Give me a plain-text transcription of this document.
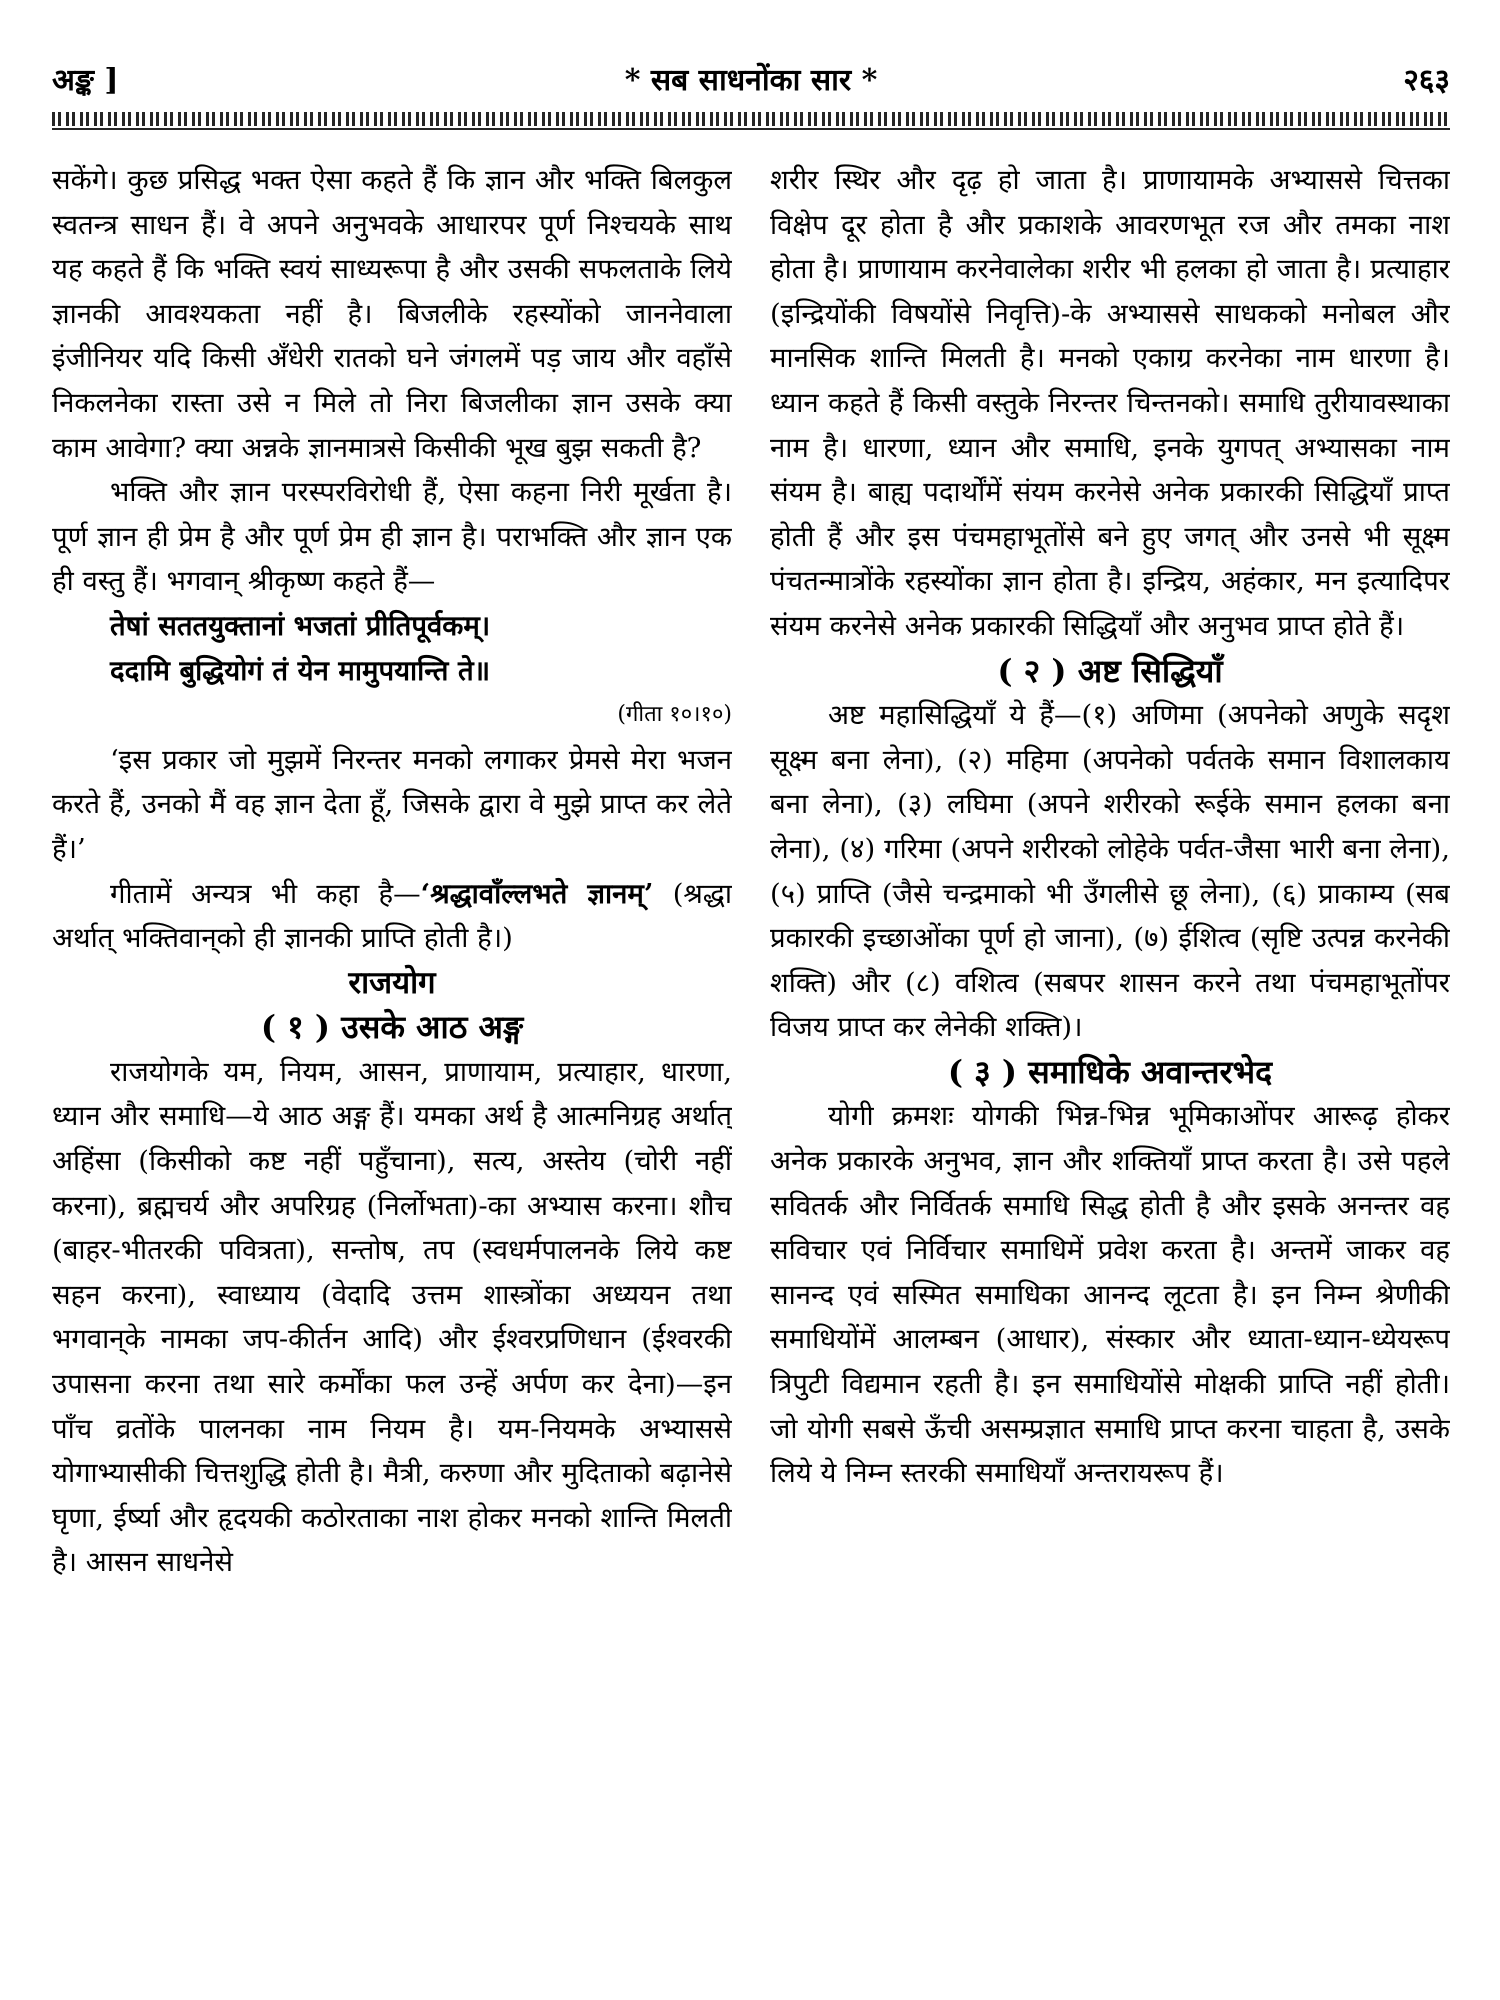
अङ्क ]	* सब साधनोंका सार *	२६३

सकेंगे। कुछ प्रसिद्ध भक्त ऐसा कहते हैं कि ज्ञान और भक्ति बिलकुल स्वतन्त्र साधन हैं। वे अपने अनुभवके आधारपर पूर्ण निश्चयके साथ यह कहते हैं कि भक्ति स्वयं साध्यरूपा है और उसकी सफलताके लिये ज्ञानकी आवश्यकता नहीं है। बिजलीके रहस्योंको जाननेवाला इंजीनियर यदि किसी अँधेरी रातको घने जंगलमें पड़ जाय और वहाँसे निकलनेका रास्ता उसे न मिले तो निरा बिजलीका ज्ञान उसके क्या काम आवेगा? क्या अन्नके ज्ञानमात्रसे किसीकी भूख बुझ सकती है?

भक्ति और ज्ञान परस्परविरोधी हैं, ऐसा कहना निरी मूर्खता है। पूर्ण ज्ञान ही प्रेम है और पूर्ण प्रेम ही ज्ञान है। पराभक्ति और ज्ञान एक ही वस्तु हैं। भगवान् श्रीकृष्ण कहते हैं—

तेषां सततयुक्तानां भजतां प्रीतिपूर्वकम्।

ददामि बुद्धियोगं तं येन मामुपयान्ति ते॥

(गीता १०।१०)

‘इस प्रकार जो मुझमें निरन्तर मनको लगाकर प्रेमसे मेरा भजन करते हैं, उनको मैं वह ज्ञान देता हूँ, जिसके द्वारा वे मुझे प्राप्त कर लेते हैं।’

गीतामें अन्यत्र भी कहा है—‘श्रद्धावाँल्लभते ज्ञानम्’ (श्रद्धा अर्थात् भक्तिवान्‌को ही ज्ञानकी प्राप्ति होती है।)

राजयोग

( १ ) उसके आठ अङ्ग

राजयोगके यम, नियम, आसन, प्राणायाम, प्रत्याहार, धारणा, ध्यान और समाधि—ये आठ अङ्ग हैं। यमका अर्थ है आत्मनिग्रह अर्थात् अहिंसा (किसीको कष्ट नहीं पहुँचाना), सत्य, अस्तेय (चोरी नहीं करना), ब्रह्मचर्य और अपरिग्रह (निर्लोभता)-का अभ्यास करना। शौच (बाहर-भीतरकी पवित्रता), सन्तोष, तप (स्वधर्मपालनके लिये कष्ट सहन करना), स्वाध्याय (वेदादि उत्तम शास्त्रोंका अध्ययन तथा भगवान्‌के नामका जप-कीर्तन आदि) और ईश्वरप्रणिधान (ईश्वरकी उपासना करना तथा सारे कर्मोंका फल उन्हें अर्पण कर देना)—इन पाँच व्रतोंके पालनका नाम नियम है। यम-नियमके अभ्याससे योगाभ्यासीकी चित्तशुद्धि होती है। मैत्री, करुणा और मुदिताको बढ़ानेसे घृणा, ईर्ष्या और हृदयकी कठोरताका नाश होकर मनको शान्ति मिलती है। आसन साधनेसे

शरीर स्थिर और दृढ़ हो जाता है। प्राणायामके अभ्याससे चित्तका विक्षेप दूर होता है और प्रकाशके आवरणभूत रज और तमका नाश होता है। प्राणायाम करनेवालेका शरीर भी हलका हो जाता है। प्रत्याहार (इन्द्रियोंकी विषयोंसे निवृत्ति)-के अभ्याससे साधकको मनोबल और मानसिक शान्ति मिलती है। मनको एकाग्र करनेका नाम धारणा है। ध्यान कहते हैं किसी वस्तुके निरन्तर चिन्तनको। समाधि तुरीयावस्थाका नाम है। धारणा, ध्यान और समाधि, इनके युगपत् अभ्यासका नाम संयम है। बाह्य पदार्थोंमें संयम करनेसे अनेक प्रकारकी सिद्धियाँ प्राप्त होती हैं और इस पंचमहाभूतोंसे बने हुए जगत् और उनसे भी सूक्ष्म पंचतन्मात्रोंके रहस्योंका ज्ञान होता है। इन्द्रिय, अहंकार, मन इत्यादिपर संयम करनेसे अनेक प्रकारकी सिद्धियाँ और अनुभव प्राप्त होते हैं।

( २ ) अष्ट सिद्धियाँ

अष्ट महासिद्धियाँ ये हैं—(१) अणिमा (अपनेको अणुके सदृश सूक्ष्म बना लेना), (२) महिमा (अपनेको पर्वतके समान विशालकाय बना लेना), (३) लघिमा (अपने शरीरको रूईके समान हलका बना लेना), (४) गरिमा (अपने शरीरको लोहेके पर्वत-जैसा भारी बना लेना), (५) प्राप्ति (जैसे चन्द्रमाको भी उँगलीसे छू लेना), (६) प्राकाम्य (सब प्रकारकी इच्छाओंका पूर्ण हो जाना), (७) ईशित्व (सृष्टि उत्पन्न करनेकी शक्ति) और (८) वशित्व (सबपर शासन करने तथा पंचमहाभूतोंपर विजय प्राप्त कर लेनेकी शक्ति)।

( ३ ) समाधिके अवान्तरभेद

योगी क्रमशः योगकी भिन्न-भिन्न भूमिकाओंपर आरूढ़ होकर अनेक प्रकारके अनुभव, ज्ञान और शक्तियाँ प्राप्त करता है। उसे पहले सवितर्क और निर्वितर्क समाधि सिद्ध होती है और इसके अनन्तर वह सविचार एवं निर्विचार समाधिमें प्रवेश करता है। अन्तमें जाकर वह सानन्द एवं सस्मित समाधिका आनन्द लूटता है। इन निम्न श्रेणीकी समाधियोंमें आलम्बन (आधार), संस्कार और ध्याता-ध्यान-ध्येयरूप त्रिपुटी विद्यमान रहती है। इन समाधियोंसे मोक्षकी प्राप्ति नहीं होती। जो योगी सबसे ऊँची असम्प्रज्ञात समाधि प्राप्त करना चाहता है, उसके लिये ये निम्न स्तरकी समाधियाँ अन्तरायरूप हैं।
